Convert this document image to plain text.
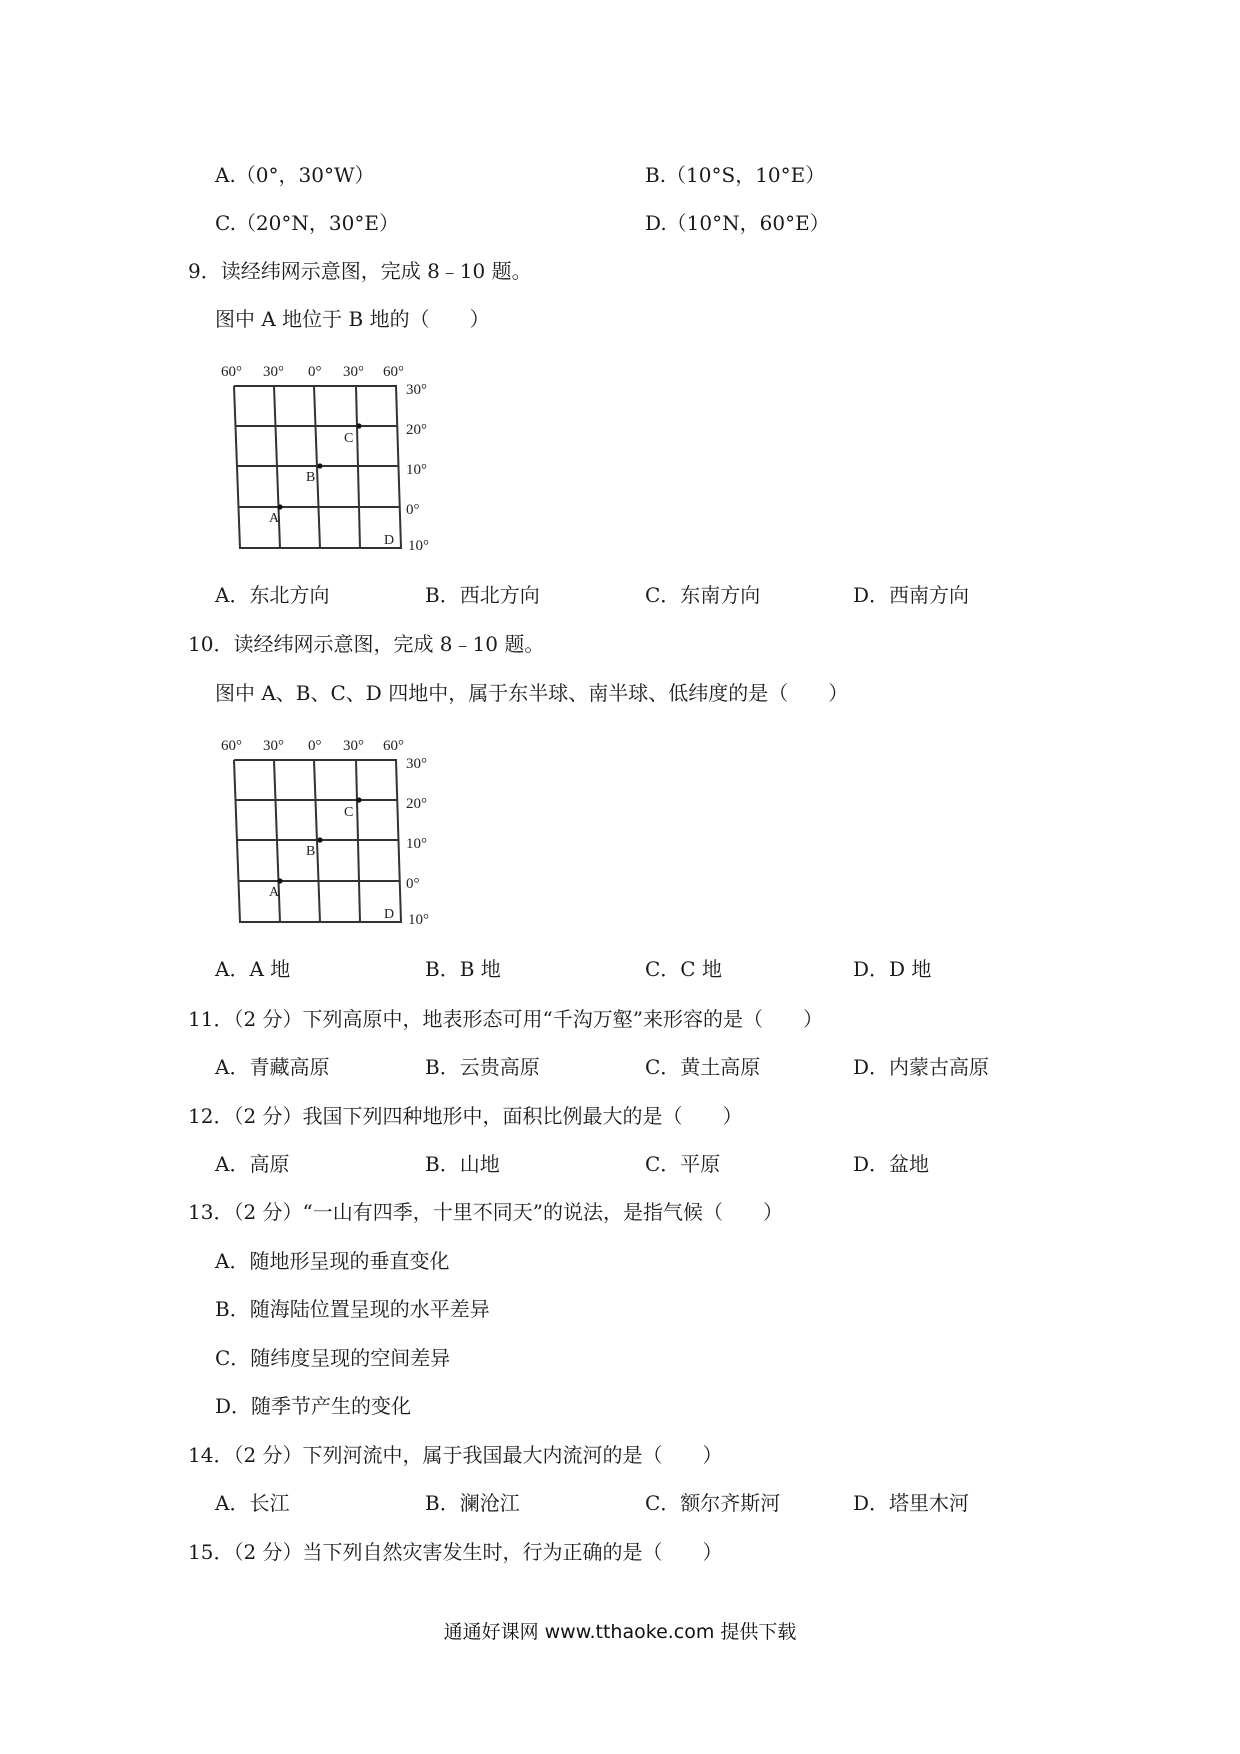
A.（0°，30°W）	B.（10°S，10°E）
C.（20°N，30°E）	D.（10°N，60°E）
9．读经纬网示意图，完成 8﹣10 题。
图中 A 地位于 B 地的（　　）
60° 30° 0° 30° 60°
30°
20°
10°
0°
10°
A
B
C
D
A．东北方向	B．西北方向	C．东南方向	D．西南方向
10．读经纬网示意图，完成 8﹣10 题。
图中 A、B、C、D 四地中，属于东半球、南半球、低纬度的是（　　）
60° 30° 0° 30° 60°
30°
20°
10°
0°
10°
A
B
C
D
A．A 地	B．B 地	C．C 地	D．D 地
11．（2 分）下列高原中，地表形态可用“千沟万壑”来形容的是（　　）
A．青藏高原	B．云贵高原	C．黄土高原	D．内蒙古高原
12．（2 分）我国下列四种地形中，面积比例最大的是（　　）
A．高原	B．山地	C．平原	D．盆地
13．（2 分）“一山有四季，十里不同天”的说法，是指气候（　　）
A．随地形呈现的垂直变化
B．随海陆位置呈现的水平差异
C．随纬度呈现的空间差异
D．随季节产生的变化
14．（2 分）下列河流中，属于我国最大内流河的是（　　）
A．长江	B．澜沧江	C．额尔齐斯河	D．塔里木河
15．（2 分）当下列自然灾害发生时，行为正确的是（　　）
通通好课网 www.tthaoke.com 提供下载
